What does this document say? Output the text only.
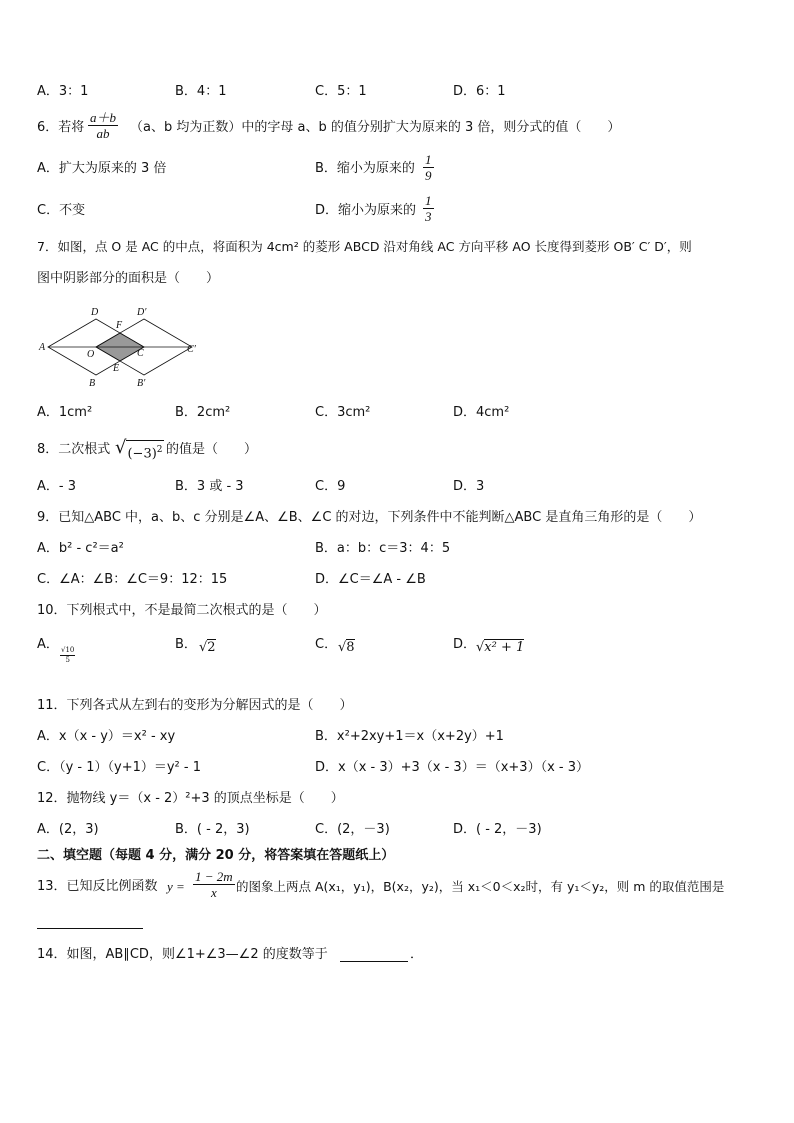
A．3：1	B．4：1	C．5：1	D．6：1
6．若将 $\frac{a+b}{ab} (a$、b 均为正数）中的字母 a、b 的值分别扩大为原来的 3 倍，则分式的值（　　）
A．扩大为原来的 3 倍	B．缩小为原来的 $\frac{1}{9}$
C．不变	D．缩小为原来的 $\frac{1}{3}$
7．如图，点 O 是 AC 的中点，将面积为 4cm² 的菱形 ABCD 沿对角线 AC 方向平移 AO 长度得到菱形 OB′ C′ D′，则
图中阴影部分的面积是（　　）
A
D	D′
F
O	C	C′
E
B	B′
A．1cm²	B．2cm²	C．3cm²	D．4cm²
8．二次根式 $√(-3)^2$ 的值是（　　）
A．- 3	B．3 或 - 3	C．9	D．3
9．已知△ABC 中，a、b、c 分别是∠A、∠B、∠C 的对边，下列条件中不能判断△ABC 是直角三角形的是（　　）
A．b² - c²＝a²	B．a：b：c＝3：4：5
C．∠A：∠B：∠C＝9：12：15	D．∠C＝∠A - ∠B
10．下列根式中，不是最简二次根式的是（　　）
A．
$\frac{√10}{5}$
B． √2	C． √8	D． √x² + 1
11．下列各式从左到右的变形为分解因式的是（　　）
A．x（x - y）＝x² - xy	B．x²+2xy+1＝x（x+2y）+1
C．（y - 1）（y+1）＝y² - 1	D．x（x - 3）+3（x - 3）＝（x+3）（x - 3）
12．抛物线 y＝（x - 2）²+3 的顶点坐标是（　　）
A．(2，3)	B．( - 2，3)	C．(2，－3)	D．( - 2，－3)
二、填空题（每题 4 分，满分 20 分，将答案填在答题纸上）
13．已知反比例函数 $y = \frac{1 - 2m}{x}$ 的图象上两点 A(x₁，y₁)，B(x₂，y₂)，当 x₁＜0＜x₂时，有 y₁＜y₂，则 m 的取值范围是
14．如图，AB∥CD，则∠1+∠3—∠2 的度数等于	．
